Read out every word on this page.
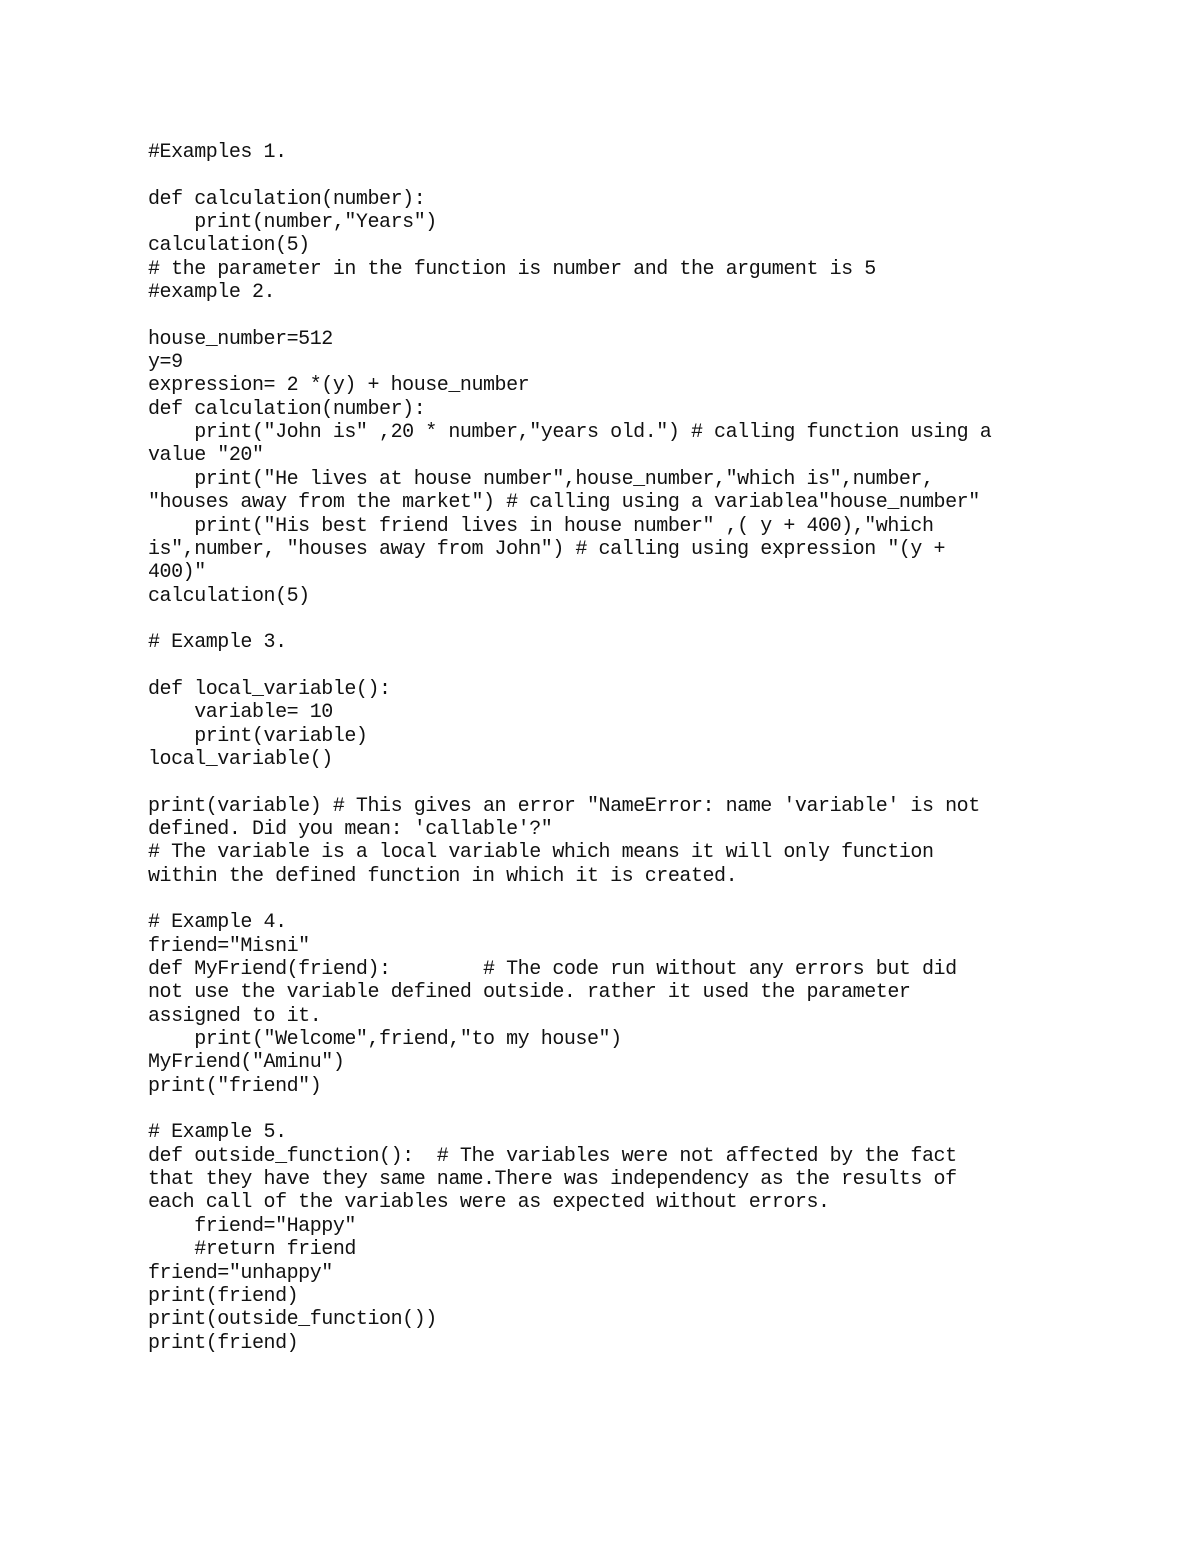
#Examples 1.
def calculation(number):
print(number,"Years")
calculation(5)
# the parameter in the function is number and the argument is 5
#example 2.
house_number=512
y=9
expression= 2 *(y) + house_number
def calculation(number):
print("John is" ,20 * number,"years old.") # calling function using a
value "20"
print("He lives at house number",house_number,"which is",number,
"houses away from the market") # calling using a variablea"house_number"
print("His best friend lives in house number" ,( y + 400),"which
is",number, "houses away from John") # calling using expression "(y +
400)"
calculation(5)
# Example 3.
def local_variable():
variable= 10
print(variable)
local_variable()
print(variable) # This gives an error "NameError: name 'variable' is not
defined. Did you mean: 'callable'?"
# The variable is a local variable which means it will only function
within the defined function in which it is created.
# Example 4.
friend="Misni"
def MyFriend(friend):        # The code run without any errors but did
not use the variable defined outside. rather it used the parameter
assigned to it.
print("Welcome",friend,"to my house")
MyFriend("Aminu")
print("friend")
# Example 5.
def outside_function():  # The variables were not affected by the fact
that they have they same name.There was independency as the results of
each call of the variables were as expected without errors.
friend="Happy"
#return friend
friend="unhappy"
print(friend)
print(outside_function())
print(friend)
